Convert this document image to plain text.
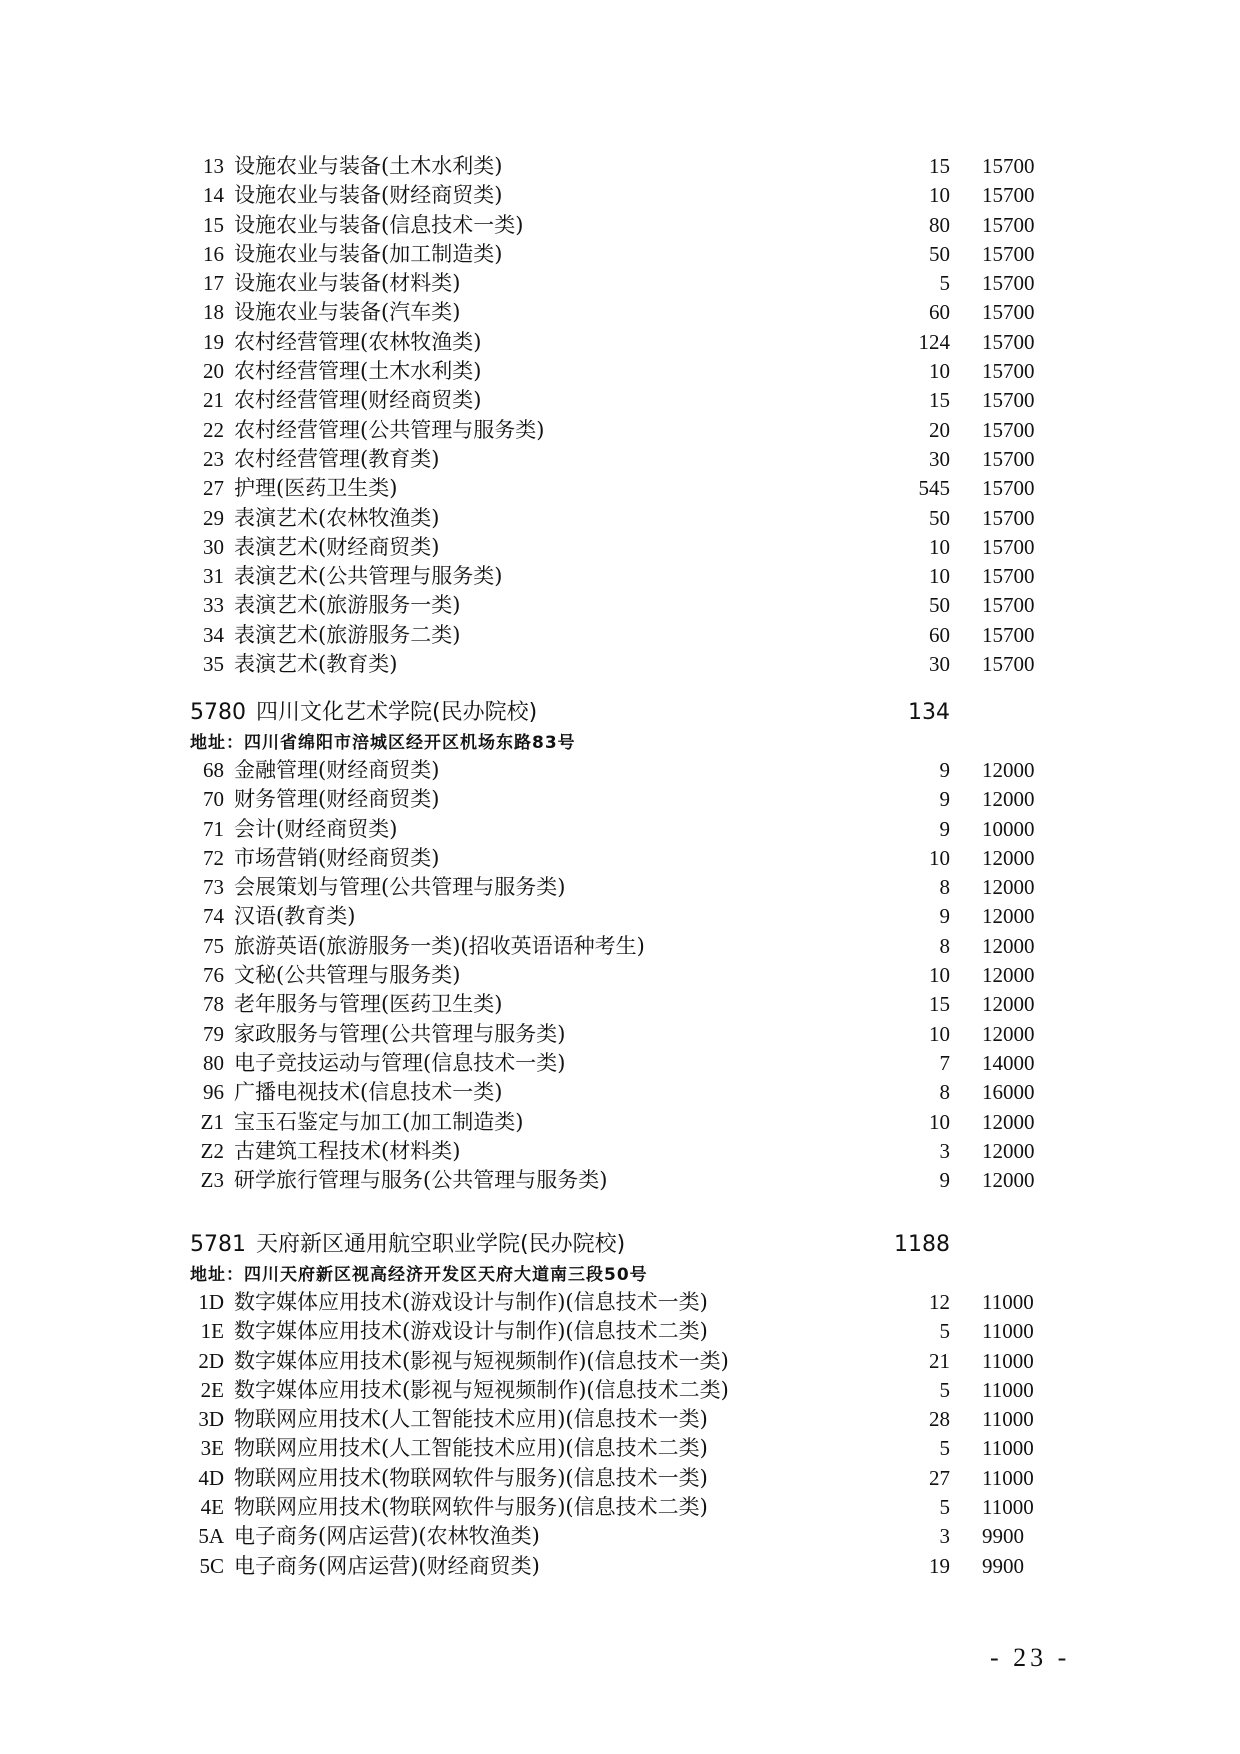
13 设施农业与装备(土木水利类)	15 15700
14 设施农业与装备(财经商贸类)	10 15700
15 设施农业与装备(信息技术一类)	80 15700
16 设施农业与装备(加工制造类)	50 15700
17 设施农业与装备(材料类)	5 15700
18 设施农业与装备(汽车类)	60 15700
19 农村经营管理(农林牧渔类)	124 15700
20 农村经营管理(土木水利类)	10 15700
21 农村经营管理(财经商贸类)	15 15700
22 农村经营管理(公共管理与服务类)	20 15700
23 农村经营管理(教育类)	30 15700
27 护理(医药卫生类)	545 15700
29 表演艺术(农林牧渔类)	50 15700
30 表演艺术(财经商贸类)	10 15700
31 表演艺术(公共管理与服务类)	10 15700
33 表演艺术(旅游服务一类)	50 15700
34 表演艺术(旅游服务二类)	60 15700
35 表演艺术(教育类)	30 15700
5780 四川文化艺术学院(民办院校)	134
地址：四川省绵阳市涪城区经开区机场东路83号
68 金融管理(财经商贸类)	9 12000
70 财务管理(财经商贸类)	9 12000
71 会计(财经商贸类)	9 10000
72 市场营销(财经商贸类)	10 12000
73 会展策划与管理(公共管理与服务类)	8 12000
74 汉语(教育类)	9 12000
75 旅游英语(旅游服务一类)(招收英语语种考生)	8 12000
76 文秘(公共管理与服务类)	10 12000
78 老年服务与管理(医药卫生类)	15 12000
79 家政服务与管理(公共管理与服务类)	10 12000
80 电子竞技运动与管理(信息技术一类)	7 14000
96 广播电视技术(信息技术一类)	8 16000
Z1 宝玉石鉴定与加工(加工制造类)	10 12000
Z2 古建筑工程技术(材料类)	3 12000
Z3 研学旅行管理与服务(公共管理与服务类)	9 12000
5781 天府新区通用航空职业学院(民办院校)	1188
地址：四川天府新区视高经济开发区天府大道南三段50号
1D 数字媒体应用技术(游戏设计与制作)(信息技术一类)	12 11000
1E 数字媒体应用技术(游戏设计与制作)(信息技术二类)	5 11000
2D 数字媒体应用技术(影视与短视频制作)(信息技术一类)	21 11000
2E 数字媒体应用技术(影视与短视频制作)(信息技术二类)	5 11000
3D 物联网应用技术(人工智能技术应用)(信息技术一类)	28 11000
3E 物联网应用技术(人工智能技术应用)(信息技术二类)	5 11000
4D 物联网应用技术(物联网软件与服务)(信息技术一类)	27 11000
4E 物联网应用技术(物联网软件与服务)(信息技术二类)	5 11000
5A 电子商务(网店运营)(农林牧渔类)	3 9900
5C 电子商务(网店运营)(财经商贸类)	19 9900
- 23 -
